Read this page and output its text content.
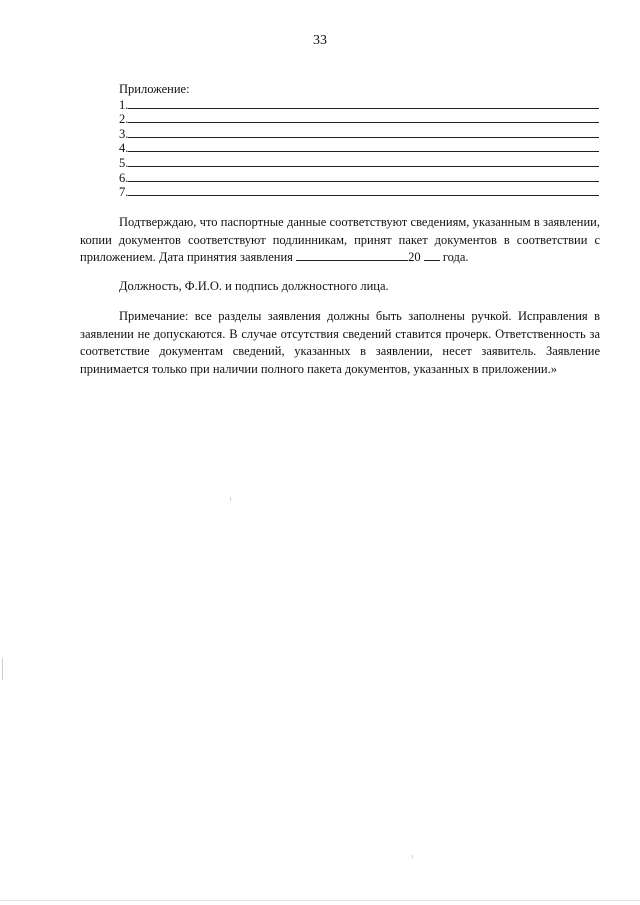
33
Приложение:
1.
2.
3.
4.
5.
6.
7.

Подтверждаю, что паспортные данные соответствуют сведениям, указанным в заявлении, копии документов соответствуют подлинникам, принят пакет документов в соответствии с приложением. Дата принятия заявления	20 года.

Должность, Ф.И.О. и подпись должностного лица.

Примечание: все разделы заявления должны быть заполнены ручкой. Исправления в заявлении не допускаются. В случае отсутствия сведений ставится прочерк. Ответственность за соответствие документам сведений, указанных в заявлении, несет заявитель. Заявление принимается только при наличии полного пакета документов, указанных в приложении.»
